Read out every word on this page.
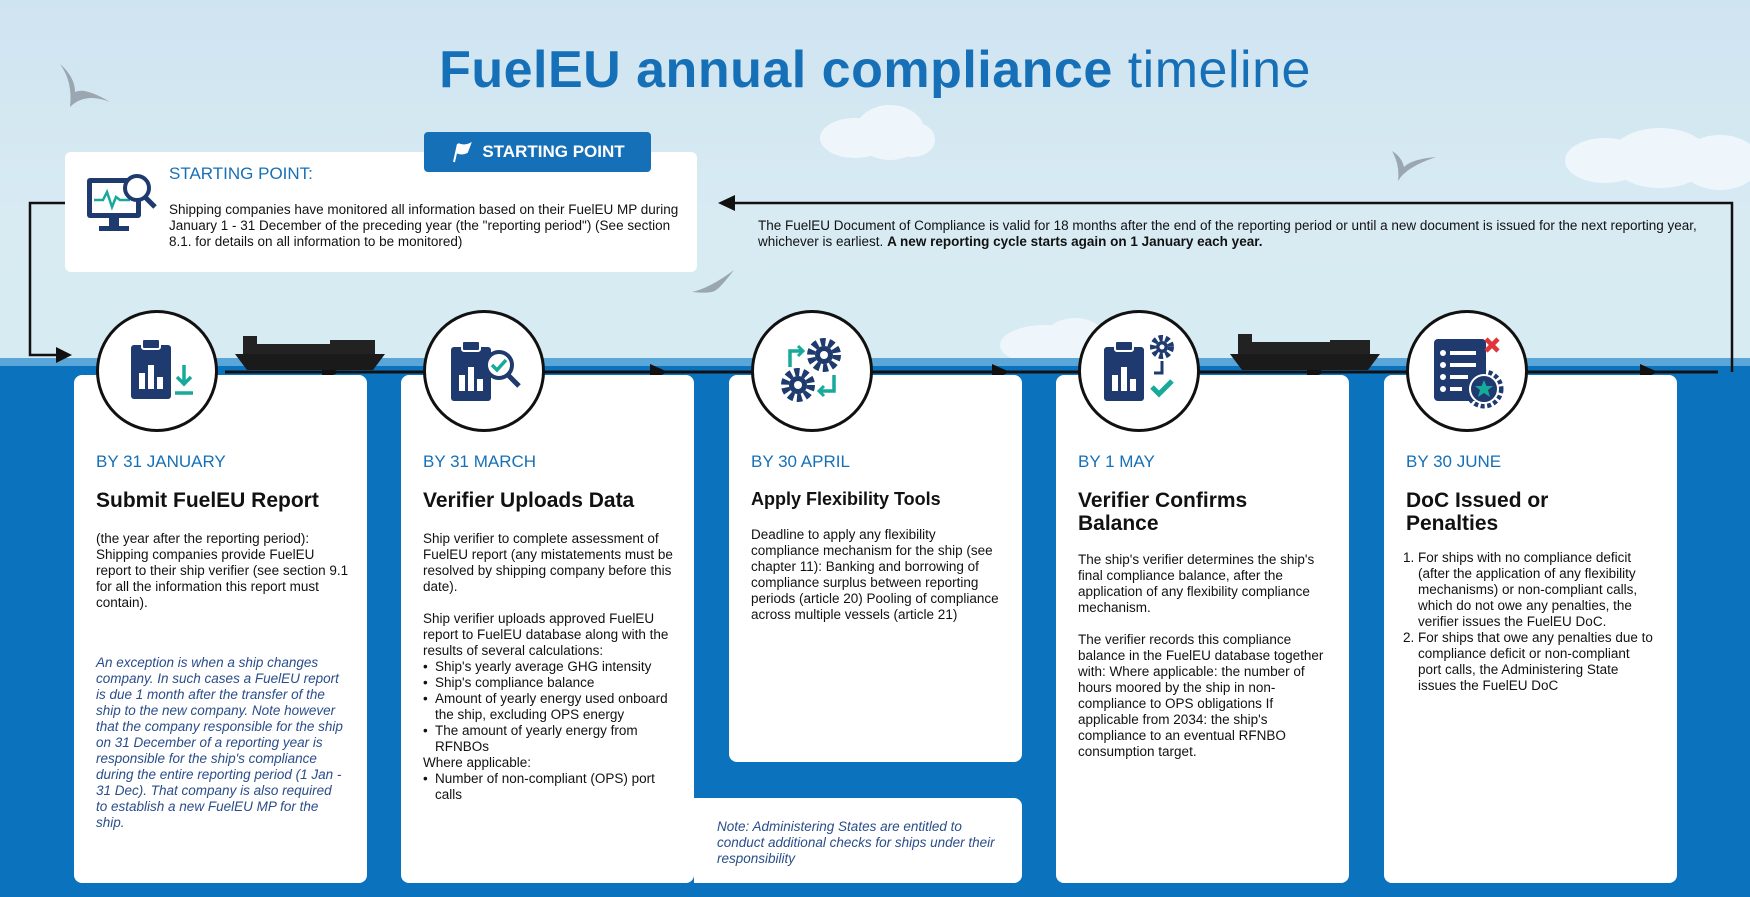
FuelEU annual compliance timeline
STARTING POINT
STARTING POINT:
Shipping companies have monitored all information based on their FuelEU MP during January 1 - 31 December of the preceding year (the "reporting period") (See section 8.1. for details on all information to be monitored)
The FuelEU Document of Compliance is valid for 18 months after the end of the reporting period or until a new document is issued for the next reporting year, whichever is earliest. A new reporting cycle starts again on 1 January each year.
BY 31 JANUARY
Submit FuelEU Report
(the year after the reporting period): Shipping companies provide FuelEU report to their ship verifier (see section 9.1 for all the information this report must contain).
An exception is when a ship changes company. In such cases a FuelEU report is due 1 month after the transfer of the ship to the new company. Note however that the company responsible for the ship on 31 December of a reporting year is responsible for the ship's compliance during the entire reporting period (1 Jan - 31 Dec). That company is also required to establish a new FuelEU MP for the ship.
BY 31 MARCH
Verifier Uploads Data

Ship verifier to complete assessment of FuelEU report (any mistatements must be resolved by shipping company before this date).

Ship verifier uploads approved FuelEU report to FuelEU database along with the results of several calculations:

• Ship's yearly average GHG intensity
• Ship's compliance balance
• Amount of yearly energy used onboard the ship, excluding OPS energy
• The amount of yearly energy from RFNBOs
Where applicable:
• Number of non-compliant (OPS) port calls
BY 30 APRIL
Apply Flexibility Tools
Deadline to apply any flexibility compliance mechanism for the ship (see chapter 11): Banking and borrowing of compliance surplus between reporting periods (article 20) Pooling of compliance across multiple vessels (article 21)
Note: Administering States are entitled to conduct additional checks for ships under their responsibility
BY 1 MAY
Verifier Confirms Balance

The ship's verifier determines the ship's final compliance balance, after the application of any flexibility compliance mechanism.

The verifier records this compliance balance in the FuelEU database together with: Where applicable: the number of hours moored by the ship in non-compliance to OPS obligations If applicable from 2034: the ship's compliance to an eventual RFNBO consumption target.

BY 30 JUNE
DoC Issued or Penalties
1. For ships with no compliance deficit (after the application of any flexibility mechanisms) or non-compliant calls, which do not owe any penalties, the verifier issues the FuelEU DoC.
2. For ships that owe any penalties due to compliance deficit or non-compliant port calls, the Administering State issues the FuelEU DoC
